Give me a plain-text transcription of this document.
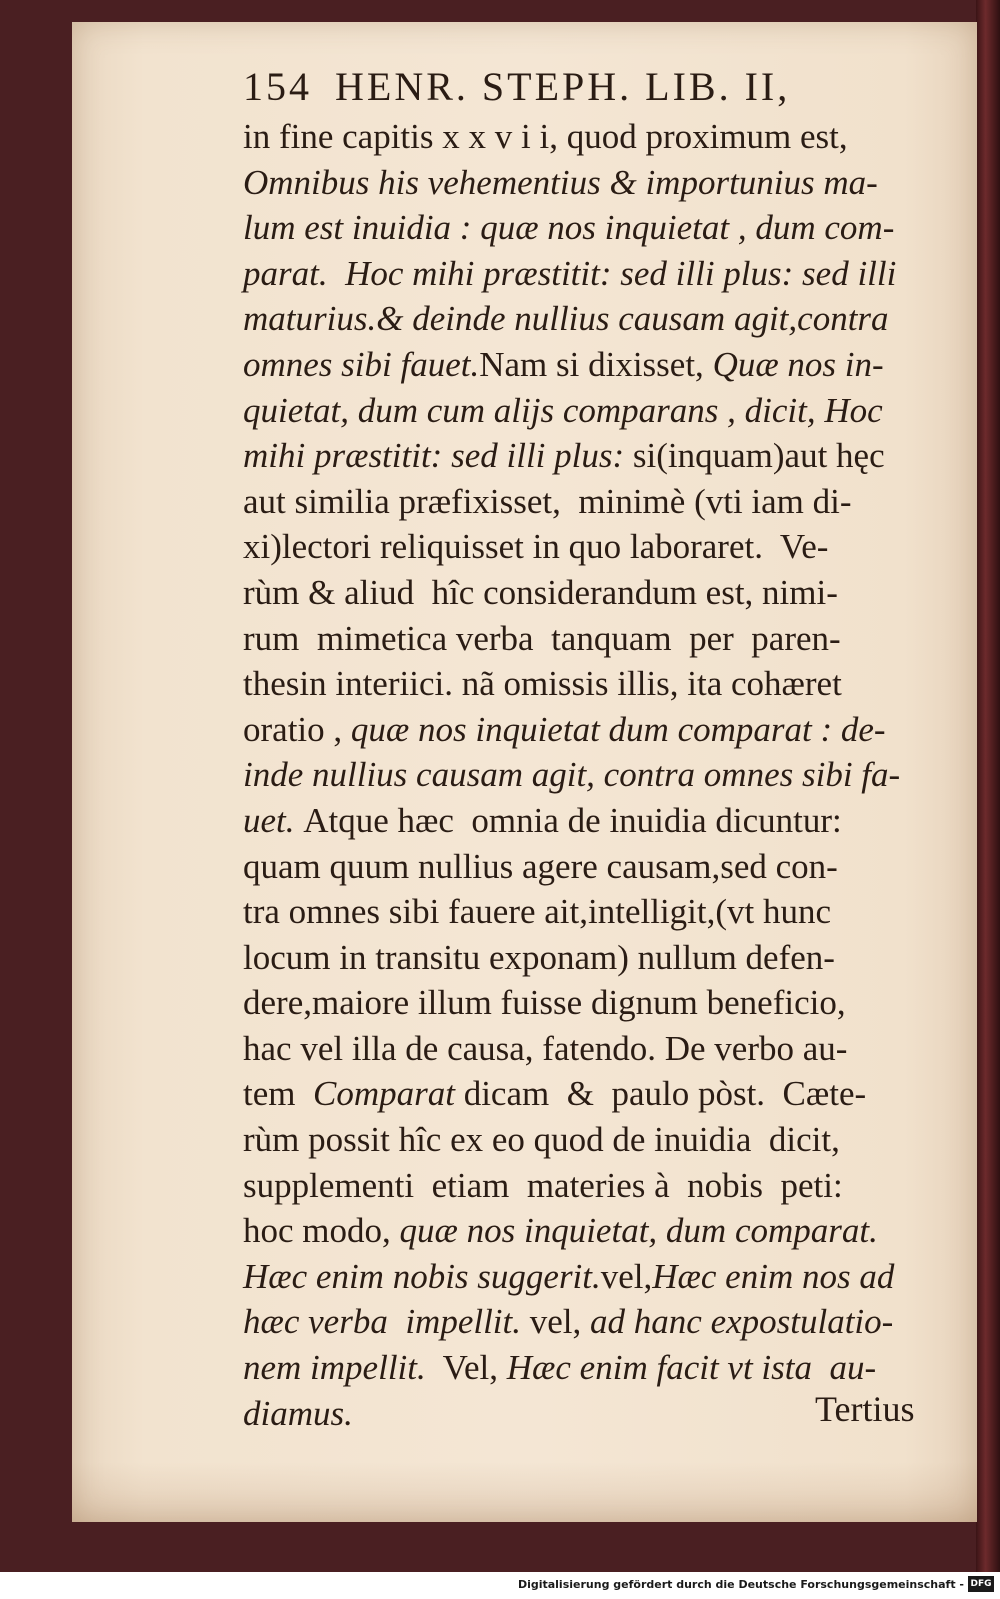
154 HENR. STEPH. LIB. II,
in fine capitis x x v i i, quod proximum est,
Omnibus his vehementius & importunius ma-
lum est inuidia : quæ nos inquietat , dum com-
parat.  Hoc mihi præstitit: sed illi plus: sed illi
maturius.& deinde nullius causam agit,contra
omnes sibi fauet.Nam si dixisset, Quæ nos in-
quietat, dum cum alijs comparans , dicit, Hoc
mihi præstitit: sed illi plus: si(inquam)aut hęc
aut similia præfixisset,  minimè (vti iam di-
xi)lectori reliquisset in quo laboraret.  Ve-
rùm & aliud  hîc considerandum est, nimi-
rum  mimetica verba  tanquam  per  paren-
thesin interiici. nã omissis illis, ita cohæret
oratio , quæ nos inquietat dum comparat : de-
inde nullius causam agit, contra omnes sibi fa-
uet. Atque hæc  omnia de inuidia dicuntur:
quam quum nullius agere causam,sed con-
tra omnes sibi fauere ait,intelligit,(vt hunc
locum in transitu exponam) nullum defen-
dere,maiore illum fuisse dignum beneficio,
hac vel illa de causa, fatendo. De verbo au-
tem  Comparat dicam  &  paulo pòst.  Cæte-
rùm possit hîc ex eo quod de inuidia  dicit,
supplementi  etiam  materies à  nobis  peti:
hoc modo, quæ nos inquietat, dum comparat.
Hæc enim nobis suggerit.vel,Hæc enim nos ad
hæc verba  impellit. vel, ad hanc expostulatio-
nem impellit.  Vel, Hæc enim facit vt ista  au-
diamus.	Tertius
Digitalisierung gefördert durch die Deutsche Forschungsgemeinschaft - DFG
